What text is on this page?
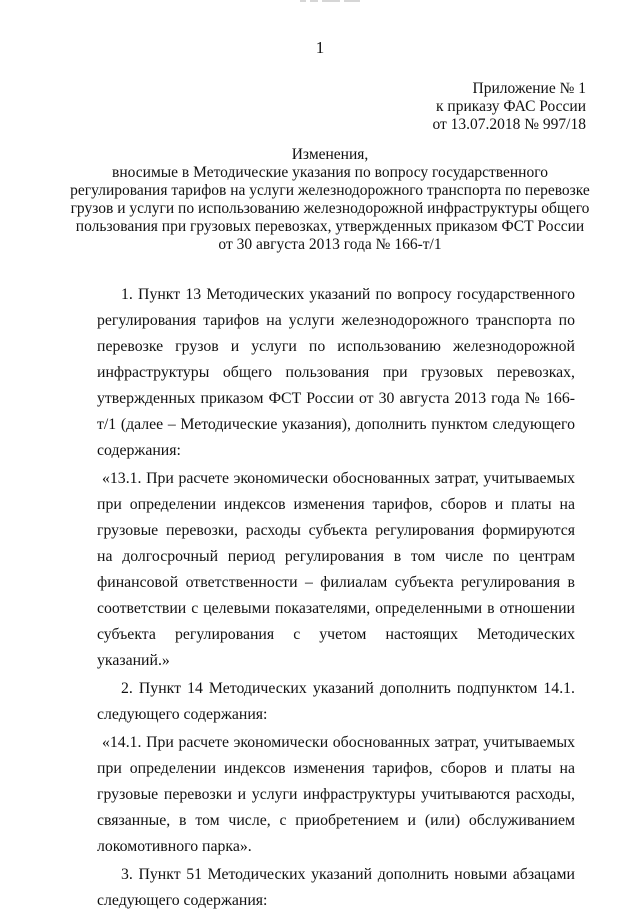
1
Приложение № 1
к приказу ФАС России
от 13.07.2018 № 997/18
Изменения,
вносимые в Методические указания по вопросу государственного регулирования тарифов на услуги железнодорожного транспорта по перевозке грузов и услуги по использованию железнодорожной инфраструктуры общего пользования при грузовых перевозках, утвержденных приказом ФСТ России от 30 августа 2013 года № 166-т/1

1. Пункт 13 Методических указаний по вопросу государственного регулирования тарифов на услуги железнодорожного транспорта по перевозке грузов и услуги по использованию железнодорожной инфраструктуры общего пользования при грузовых перевозках, утвержденных приказом ФСТ России от 30 августа 2013 года № 166-т/1 (далее – Методические указания), дополнить пунктом следующего содержания:

«13.1. При расчете экономически обоснованных затрат, учитываемых при определении индексов изменения тарифов, сборов и платы на грузовые перевозки, расходы субъекта регулирования формируются на долгосрочный период регулирования в том числе по центрам финансовой ответственности – филиалам субъекта регулирования в соответствии с целевыми показателями, определенными в отношении субъекта регулирования с учетом настоящих Методических указаний.»

2. Пункт 14 Методических указаний дополнить подпунктом 14.1. следующего содержания:

«14.1. При расчете экономически обоснованных затрат, учитываемых при определении индексов изменения тарифов, сборов и платы на грузовые перевозки и услуги инфраструктуры учитываются расходы, связанные, в том числе, с приобретением и (или) обслуживанием локомотивного парка».

3. Пункт 51 Методических указаний дополнить новыми абзацами следующего содержания:
